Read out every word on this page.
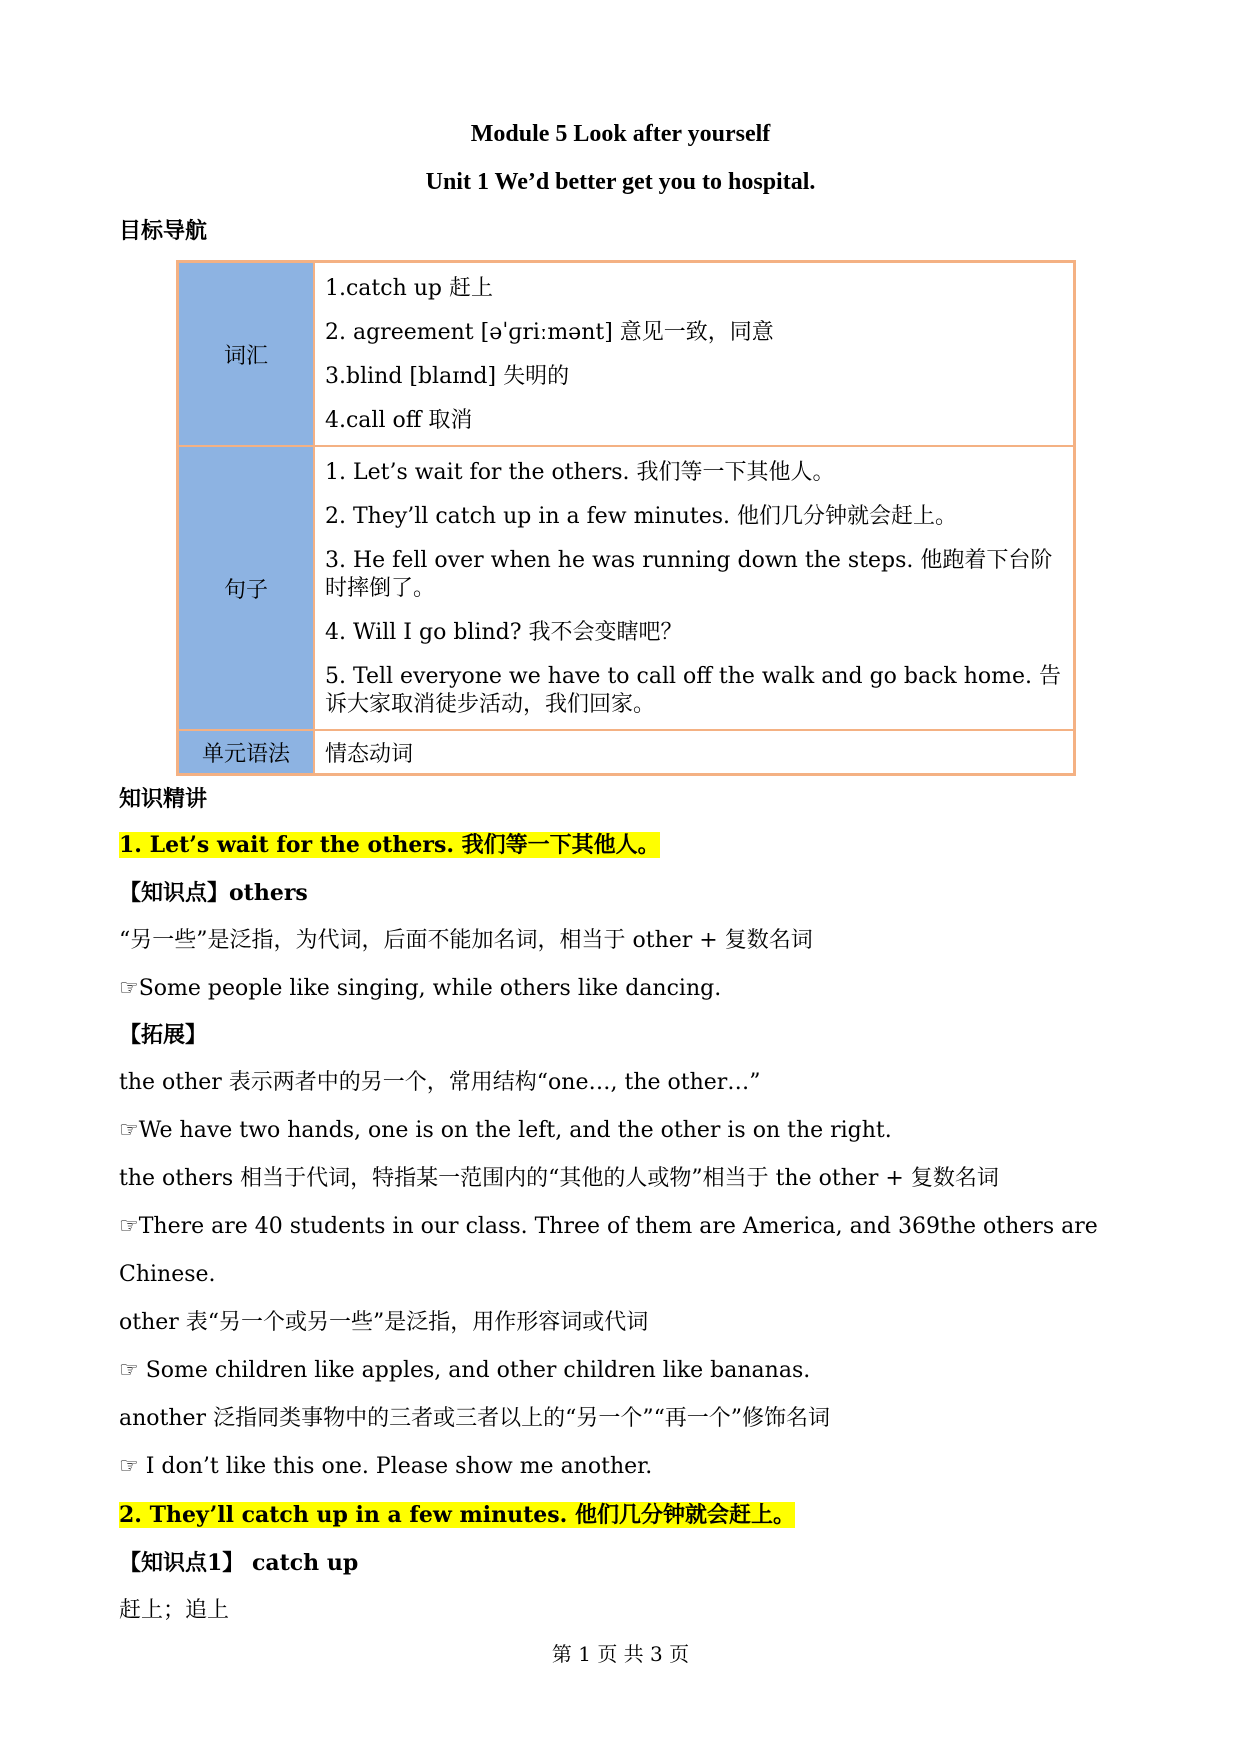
Module 5 Look after yourself
Unit 1 We’d better get you to hospital.
目标导航
词汇	1.catch up 赶上
2. agreement [əˈɡriːmənt] 意见一致，同意
3.blind [blaɪnd] 失明的
4.call off 取消

句子	1. Let’s wait for the others. 我们等一下其他人。
2. They’ll catch up in a few minutes. 他们几分钟就会赶上。
3. He fell over when he was running down the steps. 他跑着下台阶时摔倒了。
4. Will I go blind? 我不会变瞎吧？
5. Tell everyone we have to call off the walk and go back home. 告诉大家取消徒步活动，我们回家。

单元语法	情态动词
知识精讲
1. Let’s wait for the others. 我们等一下其他人。
【知识点】others
“另一些”是泛指，为代词，后面不能加名词，相当于 other + 复数名词
☞Some people like singing, while others like dancing.
【拓展】
the other 表示两者中的另一个，常用结构“one…, the other…”
☞We have two hands, one is on the left, and the other is on the right.
the others 相当于代词，特指某一范围内的“其他的人或物”相当于 the other + 复数名词
☞There are 40 students in our class. Three of them are America, and 369the others are
Chinese.
other 表“另一个或另一些”是泛指，用作形容词或代词
☞ Some children like apples, and other children like bananas.
another 泛指同类事物中的三者或三者以上的“另一个”“再一个”修饰名词
☞ I don’t like this one. Please show me another.
2. They’ll catch up in a few minutes. 他们几分钟就会赶上。
【知识点1】 catch up
赶上；追上
第 1 页 共 3 页
